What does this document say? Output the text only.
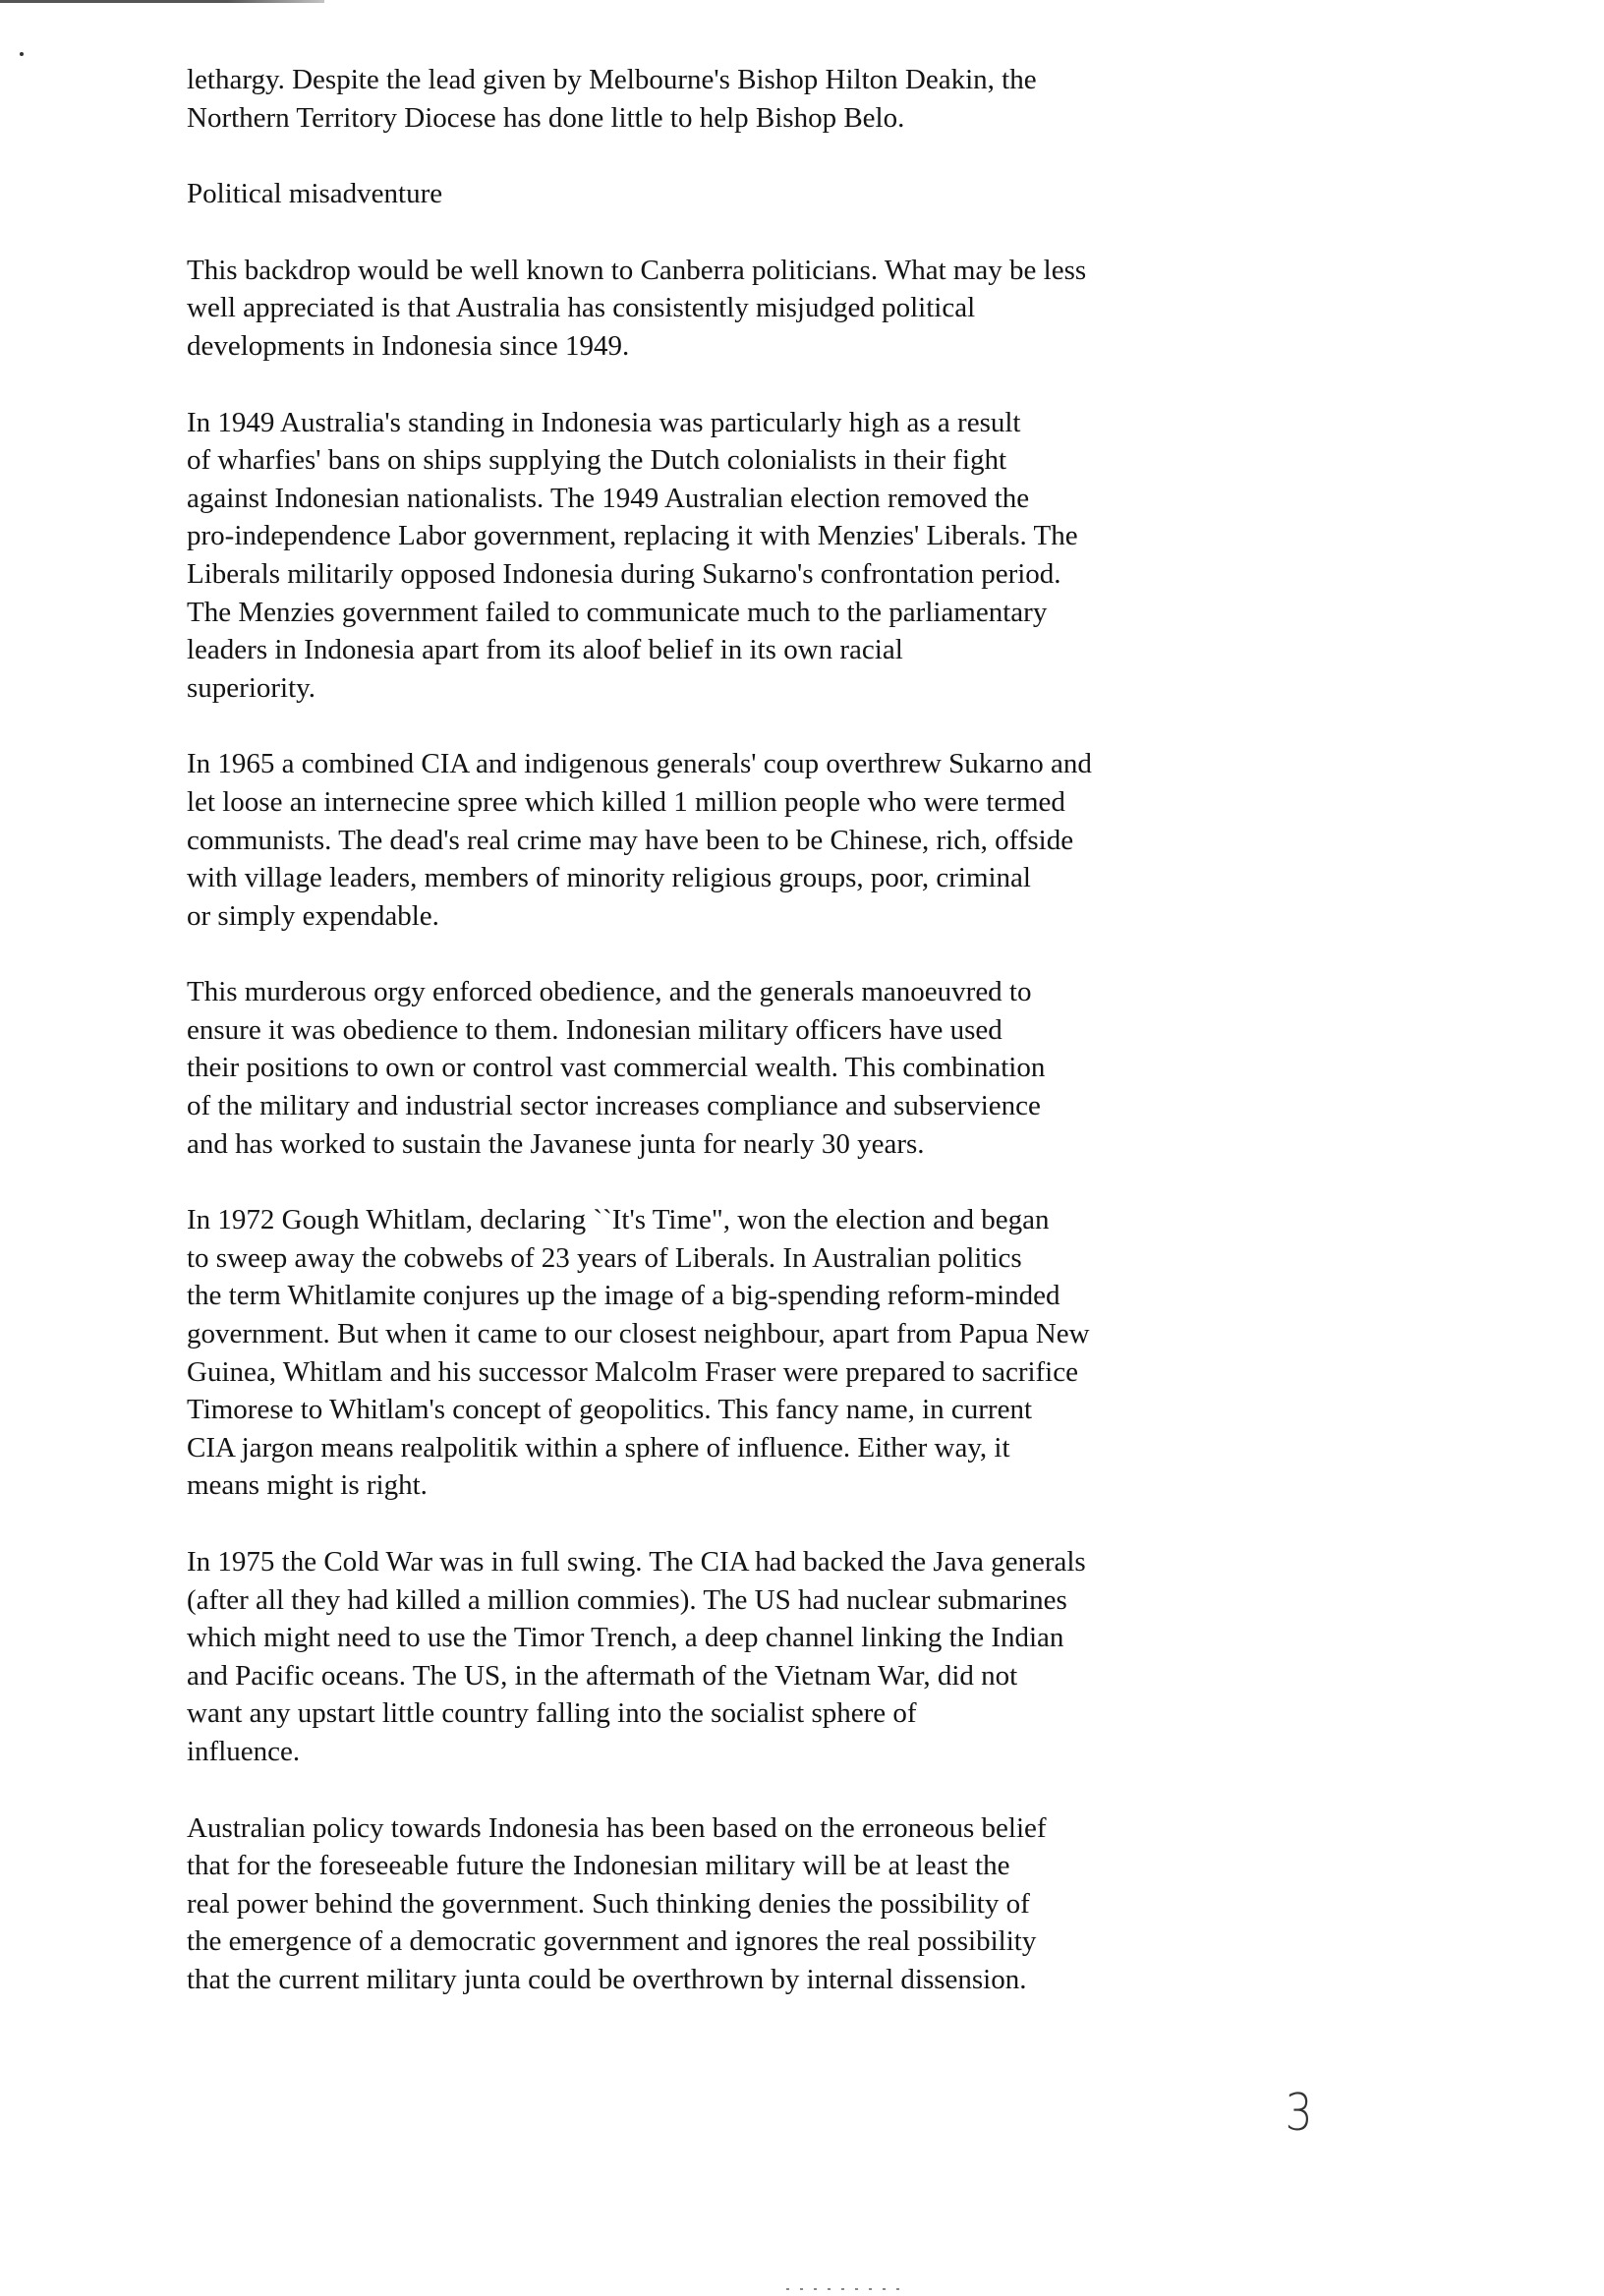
lethargy. Despite the lead given by Melbourne's Bishop Hilton Deakin, the
Northern Territory Diocese has done little to help Bishop Belo.

Political misadventure

This backdrop would be well known to Canberra politicians. What may be less
well appreciated is that Australia has consistently misjudged political
developments in Indonesia since 1949.

In 1949 Australia's standing in Indonesia was particularly high as a result
of wharfies' bans on ships supplying the Dutch colonialists in their fight
against Indonesian nationalists. The 1949 Australian election removed the
pro-independence Labor government, replacing it with Menzies' Liberals. The
Liberals militarily opposed Indonesia during Sukarno's confrontation period.
The Menzies government failed to communicate much to the parliamentary
leaders in Indonesia apart from its aloof belief in its own racial
superiority.

In 1965 a combined CIA and indigenous generals' coup overthrew Sukarno and
let loose an internecine spree which killed 1 million people who were termed
communists. The dead's real crime may have been to be Chinese, rich, offside
with village leaders, members of minority religious groups, poor, criminal
or simply expendable.

This murderous orgy enforced obedience, and the generals manoeuvred to
ensure it was obedience to them. Indonesian military officers have used
their positions to own or control vast commercial wealth. This combination
of the military and industrial sector increases compliance and subservience
and has worked to sustain the Javanese junta for nearly 30 years.

In 1972 Gough Whitlam, declaring ``It's Time", won the election and began
to sweep away the cobwebs of 23 years of Liberals. In Australian politics
the term Whitlamite conjures up the image of a big-spending reform-minded
government. But when it came to our closest neighbour, apart from Papua New
Guinea, Whitlam and his successor Malcolm Fraser were prepared to sacrifice
Timorese to Whitlam's concept of geopolitics. This fancy name, in current
CIA jargon means realpolitik within a sphere of influence. Either way, it
means might is right.

In 1975 the Cold War was in full swing. The CIA had backed the Java generals
(after all they had killed a million commies). The US had nuclear submarines
which might need to use the Timor Trench, a deep channel linking the Indian
and Pacific oceans. The US, in the aftermath of the Vietnam War, did not
want any upstart little country falling into the socialist sphere of
influence.

Australian policy towards Indonesia has been based on the erroneous belief
that for the foreseeable future the Indonesian military will be at least the
real power behind the government. Such thinking denies the possibility of
the emergence of a democratic government and ignores the real possibility
that the current military junta could be overthrown by internal dissension.

3
